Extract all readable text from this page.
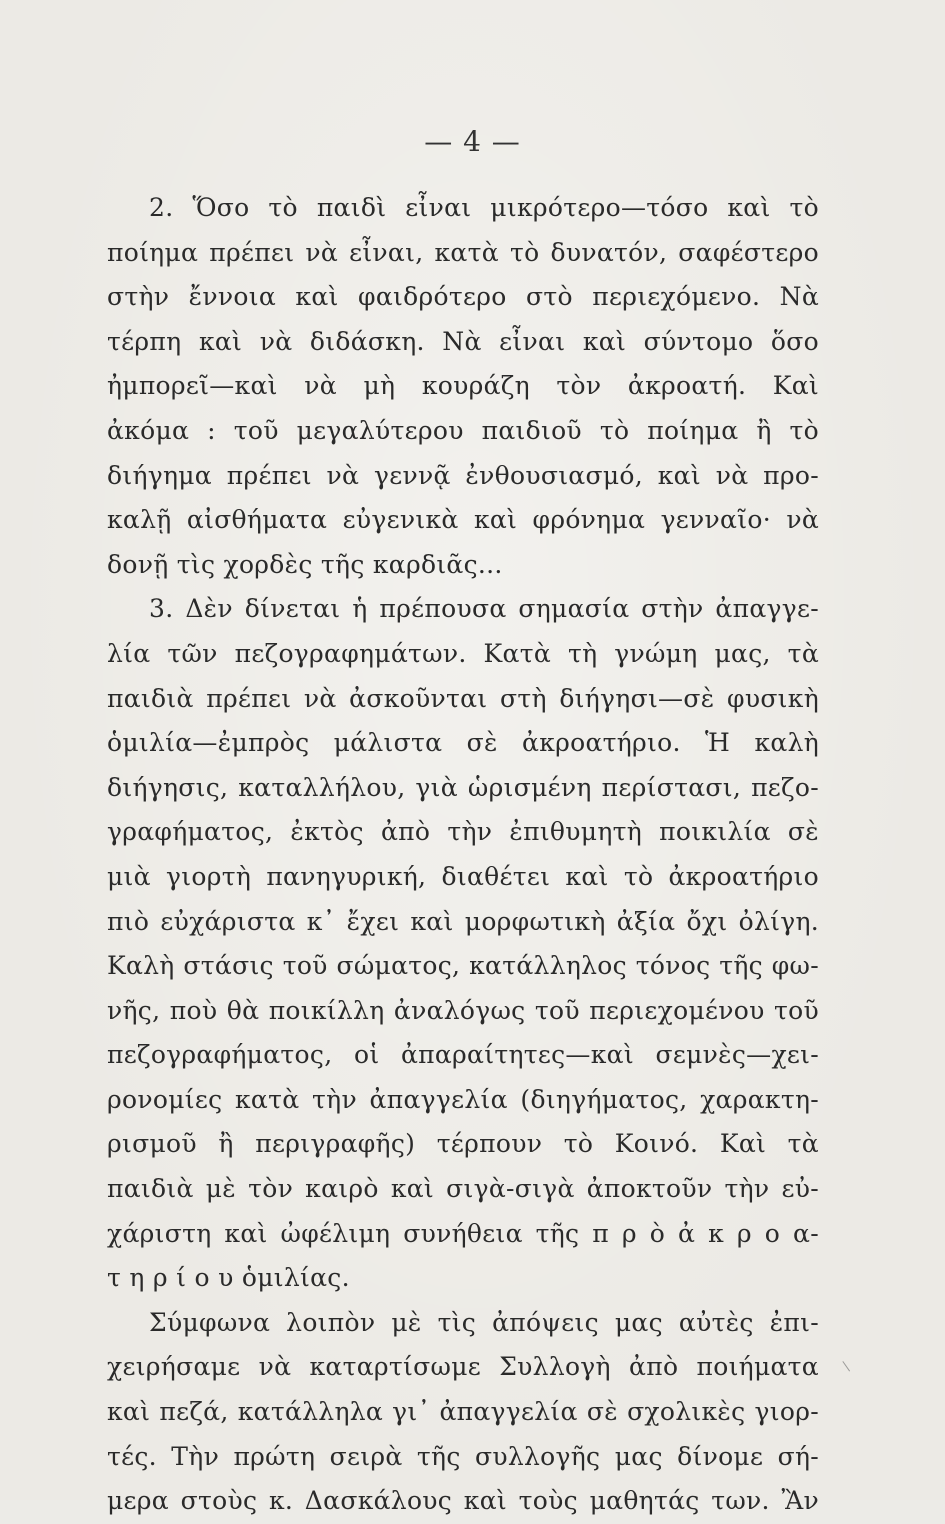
— 4 —
2. Ὅσο τὸ παιδὶ εἶναι μικρότερο—τόσο καὶ τὸ
ποίημα πρέπει νὰ εἶναι, κατὰ τὸ δυνατόν, σαφέστερο
στὴν ἔννοια καὶ φαιδρότερο στὸ περιεχόμενο. Νὰ
τέρπη καὶ νὰ διδάσκη. Νὰ εἶναι καὶ σύντομο ὅσο
ἠμπορεῖ—καὶ νὰ μὴ κουράζη τὸν ἀκροατή. Καὶ
ἀκόμα : τοῦ μεγαλύτερου παιδιοῦ τὸ ποίημα ἢ τὸ
διήγημα πρέπει νὰ γεννᾷ ἐνθουσιασμό, καὶ νὰ προ-
καλῇ αἰσθήματα εὐγενικὰ καὶ φρόνημα γενναῖο· νὰ
δονῇ τὶς χορδὲς τῆς καρδιᾶς...
3. Δὲν δίνεται ἡ πρέπουσα σημασία στὴν ἀπαγγε-
λία τῶν πεζογραφημάτων. Κατὰ τὴ γνώμη μας, τὰ
παιδιὰ πρέπει νὰ ἀσκοῦνται στὴ διήγησι—σὲ φυσικὴ
ὁμιλία—ἐμπρὸς μάλιστα σὲ ἀκροατήριο. Ἡ καλὴ
διήγησις, καταλλήλου, γιὰ ὡρισμένη περίστασι, πεζο-
γραφήματος, ἐκτὸς ἀπὸ τὴν ἐπιθυμητὴ ποικιλία σὲ
μιὰ γιορτὴ πανηγυρική, διαθέτει καὶ τὸ ἀκροατήριο
πιὸ εὐχάριστα κ᾿ ἔχει καὶ μορφωτικὴ ἀξία ὄχι ὀλίγη.
Καλὴ στάσις τοῦ σώματος, κατάλληλος τόνος τῆς φω-
νῆς, ποὺ θὰ ποικίλλη ἀναλόγως τοῦ περιεχομένου τοῦ
πεζογραφήματος, οἱ ἀπαραίτητες—καὶ σεμνὲς—χει-
ρονομίες κατὰ τὴν ἀπαγγελία (διηγήματος, χαρακτη-
ρισμοῦ ἢ περιγραφῆς) τέρπουν τὸ Κοινό. Καὶ τὰ
παιδιὰ μὲ τὸν καιρὸ καὶ σιγὰ-σιγὰ ἀποκτοῦν τὴν εὐ-
χάριστη καὶ ὠφέλιμη συνήθεια τῆς π ρ ὸ ἀ κ ρ ο α-
τ η ρ ί ο υ ὁμιλίας.
Σύμφωνα λοιπὸν μὲ τὶς ἀπόψεις μας αὐτὲς ἐπι-
χειρήσαμε νὰ καταρτίσωμε Συλλογὴ ἀπὸ ποιήματα
καὶ πεζά, κατάλληλα γι᾿ ἀπαγγελία σὲ σχολικὲς γιορ-
τές. Τὴν πρώτη σειρὰ τῆς συλλογῆς μας δίνομε σή-
μερα στοὺς κ. Δασκάλους καὶ τοὺς μαθητάς των. Ἂν
